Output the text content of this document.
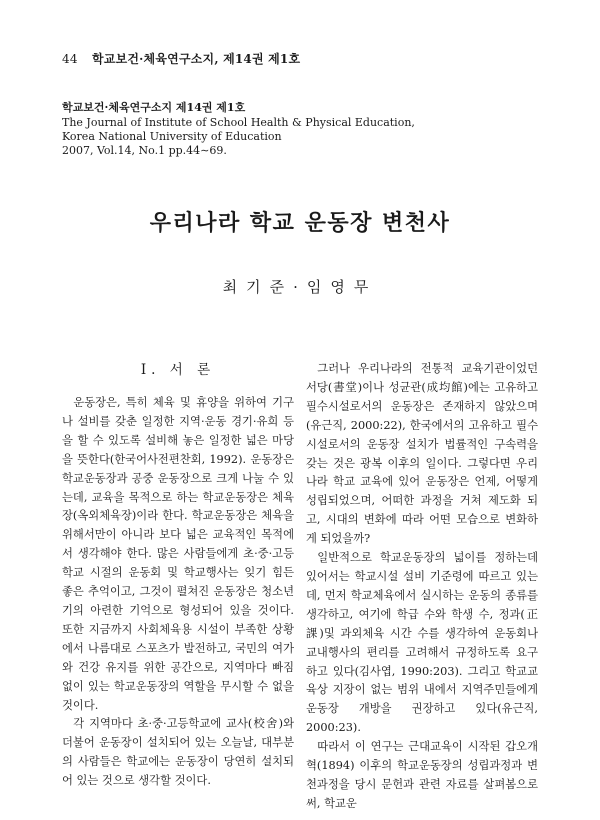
44 학교보건·체육연구소지, 제14권 제1호
학교보건·체육연구소지 제14권 제1호
The Journal of Institute of School Health & Physical Education,
Korea National University of Education
2007, Vol.14, No.1 pp.44∼69.
우리나라 학교 운동장 변천사
최기준·임영무
Ⅰ. 서 론

운동장은, 특히 체육 및 휴양을 위하여 기구나 설비를 갖춘 일정한 지역·운동 경기·유희 등을 할 수 있도록 설비해 놓은 일정한 넓은 마당을 뜻한다(한국어사전편찬회, 1992). 운동장은 학교운동장과 공중 운동장으로 크게 나눌 수 있는데, 교육을 목적으로 하는 학교운동장은 체육장(옥외체육장)이라 한다. 학교운동장은 체육을 위해서만이 아니라 보다 넓은 교육적인 목적에서 생각해야 한다. 많은 사람들에게 초·중·고등학교 시절의 운동회 및 학교행사는 잊기 힘든 좋은 추억이고, 그것이 펼쳐진 운동장은 청소년기의 아련한 기억으로 형성되어 있을 것이다. 또한 지금까지 사회체육용 시설이 부족한 상황에서 나름대로 스포츠가 발전하고, 국민의 여가와 건강 유지를 위한 공간으로, 지역마다 빠짐없이 있는 학교운동장의 역할을 무시할 수 없을 것이다.

각 지역마다 초·중·고등학교에 교사(校舍)와 더불어 운동장이 설치되어 있는 오늘날, 대부분의 사람들은 학교에는 운동장이 당연히 설치되어 있는 것으로 생각할 것이다.

그러나 우리나라의 전통적 교육기관이었던 서당(書堂)이나 성균관(成均館)에는 고유하고 필수시설로서의 운동장은 존재하지 않았으며(유근직, 2000:22), 한국에서의 고유하고 필수시설로서의 운동장 설치가 법률적인 구속력을 갖는 것은 광복 이후의 일이다. 그렇다면 우리나라 학교 교육에 있어 운동장은 언제, 어떻게 성립되었으며, 어떠한 과정을 거쳐 제도화 되고, 시대의 변화에 따라 어떤 모습으로 변화하게 되었을까?

일반적으로 학교운동장의 넓이를 정하는데 있어서는 학교시설 설비 기준령에 따르고 있는데, 먼저 학교체육에서 실시하는 운동의 종류를 생각하고, 여기에 학급 수와 학생 수, 정과(正課)및 과외체육 시간 수를 생각하여 운동회나 교내행사의 편리를 고려해서 규정하도록 요구하고 있다(김사엽, 1990:203). 그리고 학교교육상 지장이 없는 범위 내에서 지역주민들에게 운동장 개방을 권장하고 있다(유근직, 2000:23).

따라서 이 연구는 근대교육이 시작된 갑오개혁(1894) 이후의 학교운동장의 성립과정과 변천과정을 당시 문헌과 관련 자료를 살펴봄으로써, 학교운
